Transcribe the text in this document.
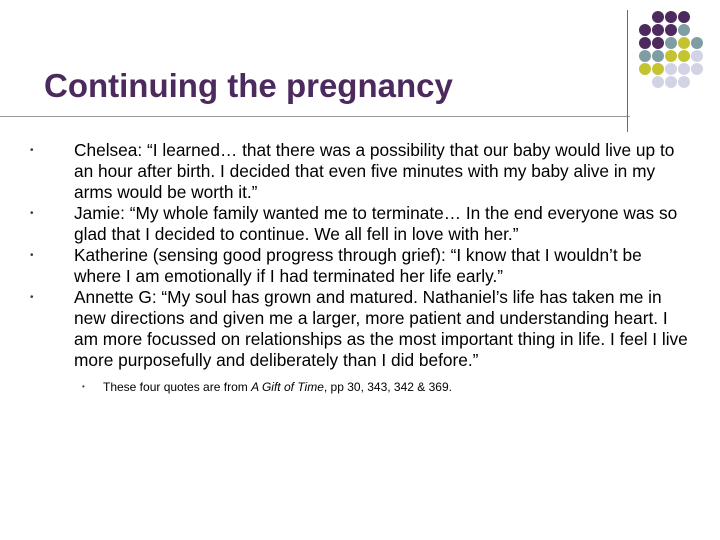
Continuing the pregnancy
•	Chelsea: “I learned… that there was a possibility that our baby would live up to an hour after birth. I decided that even five minutes with my baby alive in my arms would be worth it.”
•	Jamie: “My whole family wanted me to terminate… In the end everyone was so glad that I decided to continue. We all fell in love with her.”
•	Katherine (sensing good progress through grief): “I know that I wouldn’t be where I am emotionally if I had terminated her life early.”
•	Annette G: “My soul has grown and matured. Nathaniel’s life has taken me in new directions and given me a larger, more patient and understanding heart. I am more focussed on relationships as the most important thing in life. I feel I live more purposefully and deliberately than I did before.”
• These four quotes are from A Gift of Time, pp 30, 343, 342 & 369.
